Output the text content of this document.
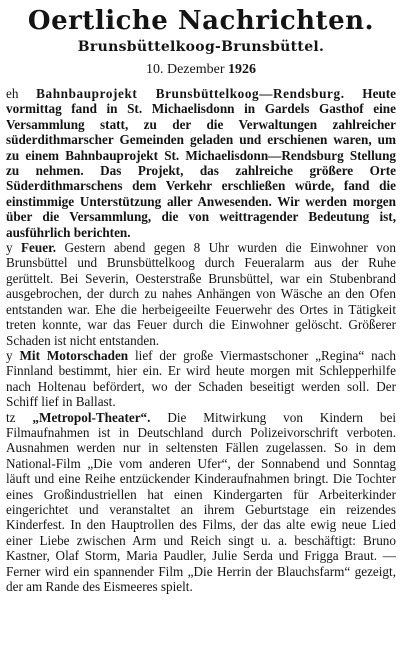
Oertliche Nachrichten.
Brunsbüttelkoog-Brunsbüttel.
10. Dezember 1926

eh Bahnbauprojekt Brunsbüttelkoog—Rendsburg. Heute vormittag fand in St. Michaelisdonn in Gardels Gasthof eine Versammlung statt, zu der die Verwaltungen zahlreicher süderdithmarscher Gemeinden geladen und erschienen waren, um zu einem Bahnbauprojekt St. Michaelisdonn—Rendsburg Stellung zu nehmen. Das Projekt, das zahlreiche größere Orte Süderdithmarschens dem Verkehr erschließen würde, fand die einstimmige Unterstützung aller Anwesenden. Wir werden morgen über die Versammlung, die von weittragender Bedeutung ist, ausführlich berichten.

y Feuer. Gestern abend gegen 8 Uhr wurden die Einwohner von Brunsbüttel und Brunsbüttelkoog durch Feueralarm aus der Ruhe gerüttelt. Bei Severin, Oesterstraße Brunsbüttel, war ein Stubenbrand ausgebrochen, der durch zu nahes Anhängen von Wäsche an den Ofen entstanden war. Ehe die herbeigeeilte Feuerwehr des Ortes in Tätigkeit treten konnte, war das Feuer durch die Einwohner gelöscht. Größerer Schaden ist nicht entstanden.

y Mit Motorschaden lief der große Viermastschoner „Regina“ nach Finnland bestimmt, hier ein. Er wird heute morgen mit Schlepperhilfe nach Holtenau befördert, wo der Schaden beseitigt werden soll. Der Schiff lief in Ballast.

tz „Metropol-Theater“. Die Mitwirkung von Kindern bei Filmaufnahmen ist in Deutschland durch Polizeivorschrift verboten. Ausnahmen werden nur in seltensten Fällen zugelassen. So in dem National-Film „Die vom anderen Ufer“, der Sonnabend und Sonntag läuft und eine Reihe entzückender Kinderaufnahmen bringt. Die Tochter eines Großindustriellen hat einen Kindergarten für Arbeiterkinder eingerichtet und veranstaltet an ihrem Geburtstage ein reizendes Kinderfest. In den Hauptrollen des Films, der das alte ewig neue Lied einer Liebe zwischen Arm und Reich singt u. a. beschäftigt: Bruno Kastner, Olaf Storm, Maria Paudler, Julie Serda und Frigga Braut. — Ferner wird ein spannender Film „Die Herrin der Blauchsfarm“ gezeigt, der am Rande des Eismeeres spielt.
